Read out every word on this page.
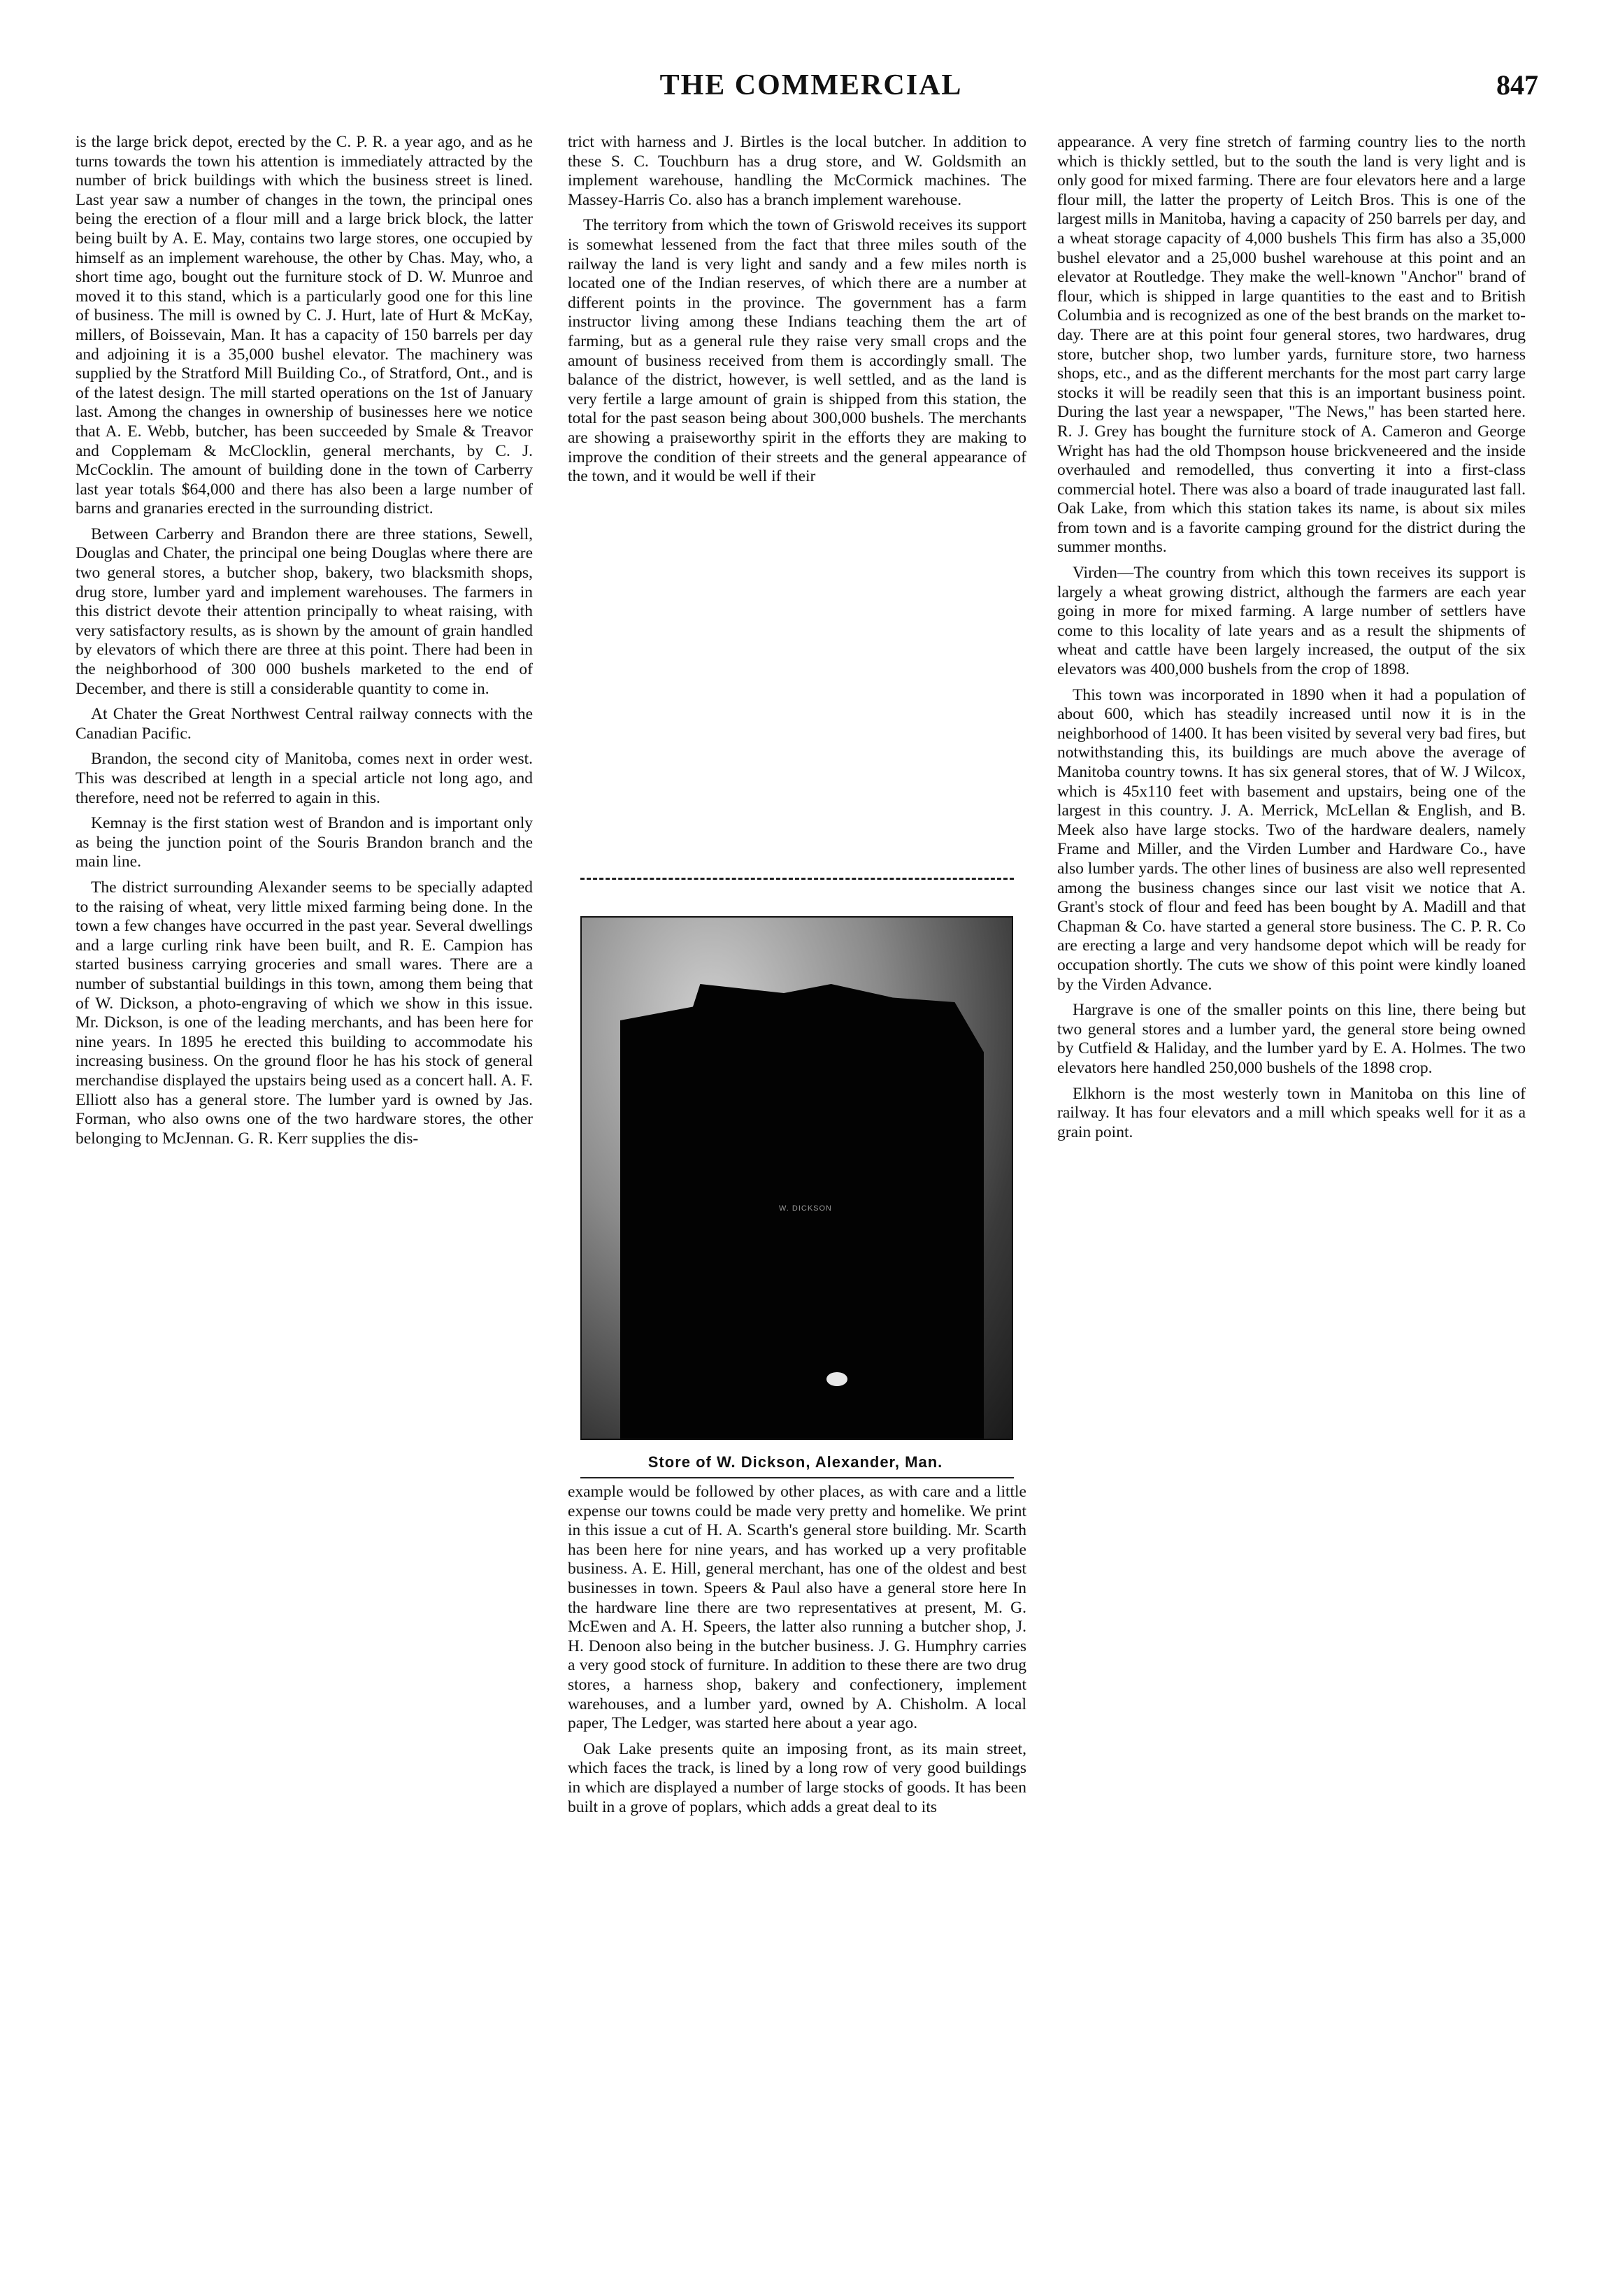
THE COMMERCIAL	847

is the large brick depot, erected by the C. P. R. a year ago, and as he turns towards the town his attention is immediately attracted by the number of brick buildings with which the business street is lined. Last year saw a number of changes in the town, the principal ones being the erection of a flour mill and a large brick block, the latter being built by A. E. May, contains two large stores, one occupied by himself as an implement warehouse, the other by Chas. May, who, a short time ago, bought out the furniture stock of D. W. Munroe and moved it to this stand, which is a particularly good one for this line of business. The mill is owned by C. J. Hurt, late of Hurt & McKay, millers, of Boissevain, Man. It has a capacity of 150 barrels per day and adjoining it is a 35,000 bushel elevator. The machinery was supplied by the Stratford Mill Building Co., of Stratford, Ont., and is of the latest design. The mill started operations on the 1st of January last. Among the changes in ownership of businesses here we notice that A. E. Webb, butcher, has been succeeded by Smale & Treavor and Copplemam & McClocklin, general merchants, by C. J. McCocklin. The amount of building done in the town of Carberry last year totals $64,000 and there has also been a large number of barns and granaries erected in the surrounding district.

Between Carberry and Brandon there are three stations, Sewell, Douglas and Chater, the principal one being Douglas where there are two general stores, a butcher shop, bakery, two blacksmith shops, drug store, lumber yard and implement warehouses. The farmers in this district devote their attention principally to wheat raising, with very satisfactory results, as is shown by the amount of grain handled by elevators of which there are three at this point. There had been in the neighborhood of 300 000 bushels marketed to the end of December, and there is still a considerable quantity to come in.

At Chater the Great Northwest Central railway connects with the Canadian Pacific.

Brandon, the second city of Manitoba, comes next in order west. This was described at length in a special article not long ago, and therefore, need not be referred to again in this.

Kemnay is the first station west of Brandon and is important only as being the junction point of the Souris Brandon branch and the main line.

The district surrounding Alexander seems to be specially adapted to the raising of wheat, very little mixed farming being done. In the town a few changes have occurred in the past year. Several dwellings and a large curling rink have been built, and R. E. Campion has started business carrying groceries and small wares. There are a number of substantial buildings in this town, among them being that of W. Dickson, a photo-engraving of which we show in this issue. Mr. Dickson, is one of the leading merchants, and has been here for nine years. In 1895 he erected this building to accommodate his increasing business. On the ground floor he has his stock of general merchandise displayed the upstairs being used as a concert hall. A. F. Elliott also has a general store. The lumber yard is owned by Jas. Forman, who also owns one of the two hardware stores, the other belonging to McJennan. G. R. Kerr supplies the dis-

trict with harness and J. Birtles is the local butcher. In addition to these S. C. Touchburn has a drug store, and W. Goldsmith an implement warehouse, handling the McCormick machines. The Massey-Harris Co. also has a branch implement warehouse.

The territory from which the town of Griswold receives its support is somewhat lessened from the fact that three miles south of the railway the land is very light and sandy and a few miles north is located one of the Indian reserves, of which there are a number at different points in the province. The government has a farm instructor living among these Indians teaching them the art of farming, but as a general rule they raise very small crops and the amount of business received from them is accordingly small. The balance of the district, however, is well settled, and as the land is very fertile a large amount of grain is shipped from this station, the total for the past season being about 300,000 bushels. The merchants are showing a praiseworthy spirit in the efforts they are making to improve the condition of their streets and the general appearance of the town, and it would be well if their

W. DICKSON
Store of W. Dickson, Alexander, Man.

example would be followed by other places, as with care and a little expense our towns could be made very pretty and homelike. We print in this issue a cut of H. A. Scarth's general store building. Mr. Scarth has been here for nine years, and has worked up a very profitable business. A. E. Hill, general merchant, has one of the oldest and best businesses in town. Speers & Paul also have a general store here In the hardware line there are two representatives at present, M. G. McEwen and A. H. Speers, the latter also running a butcher shop, J. H. Denoon also being in the butcher business. J. G. Humphry carries a very good stock of furniture. In addition to these there are two drug stores, a harness shop, bakery and confectionery, implement warehouses, and a lumber yard, owned by A. Chisholm. A local paper, The Ledger, was started here about a year ago.

Oak Lake presents quite an imposing front, as its main street, which faces the track, is lined by a long row of very good buildings in which are displayed a number of large stocks of goods. It has been built in a grove of poplars, which adds a great deal to its

appearance. A very fine stretch of farming country lies to the north which is thickly settled, but to the south the land is very light and is only good for mixed farming. There are four elevators here and a large flour mill, the latter the property of Leitch Bros. This is one of the largest mills in Manitoba, having a capacity of 250 barrels per day, and a wheat storage capacity of 4,000 bushels This firm has also a 35,000 bushel elevator and a 25,000 bushel warehouse at this point and an elevator at Routledge. They make the well-known "Anchor" brand of flour, which is shipped in large quantities to the east and to British Columbia and is recognized as one of the best brands on the market to-day. There are at this point four general stores, two hardwares, drug store, butcher shop, two lumber yards, furniture store, two harness shops, etc., and as the different merchants for the most part carry large stocks it will be readily seen that this is an important business point. During the last year a newspaper, "The News," has been started here. R. J. Grey has bought the furniture stock of A. Cameron and George Wright has had the old Thompson house brickveneered and the inside overhauled and remodelled, thus converting it into a first-class commercial hotel. There was also a board of trade inaugurated last fall. Oak Lake, from which this station takes its name, is about six miles from town and is a favorite camping ground for the district during the summer months.

Virden—The country from which this town receives its support is largely a wheat growing district, although the farmers are each year going in more for mixed farming. A large number of settlers have come to this locality of late years and as a result the shipments of wheat and cattle have been largely increased, the output of the six elevators was 400,000 bushels from the crop of 1898.

This town was incorporated in 1890 when it had a population of about 600, which has steadily increased until now it is in the neighborhood of 1400. It has been visited by several very bad fires, but notwithstanding this, its buildings are much above the average of Manitoba country towns. It has six general stores, that of W. J Wilcox, which is 45x110 feet with basement and upstairs, being one of the largest in this country. J. A. Merrick, McLellan & English, and B. Meek also have large stocks. Two of the hardware dealers, namely Frame and Miller, and the Virden Lumber and Hardware Co., have also lumber yards. The other lines of business are also well represented among the business changes since our last visit we notice that A. Grant's stock of flour and feed has been bought by A. Madill and that Chapman & Co. have started a general store business. The C. P. R. Co are erecting a large and very handsome depot which will be ready for occupation shortly. The cuts we show of this point were kindly loaned by the Virden Advance.

Hargrave is one of the smaller points on this line, there being but two general stores and a lumber yard, the general store being owned by Cutfield & Haliday, and the lumber yard by E. A. Holmes. The two elevators here handled 250,000 bushels of the 1898 crop.

Elkhorn is the most westerly town in Manitoba on this line of railway. It has four elevators and a mill which speaks well for it as a grain point.
